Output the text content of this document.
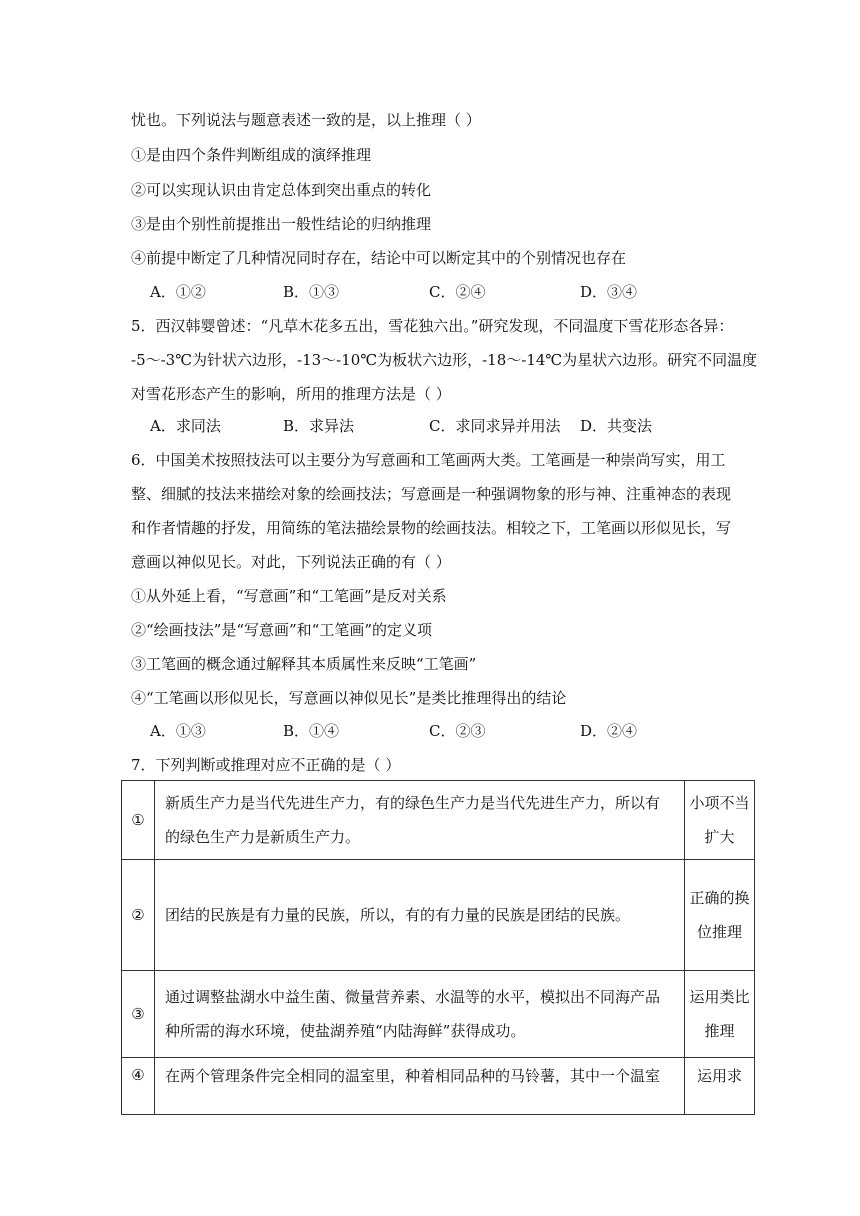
忧也。下列说法与题意表述一致的是，以上推理（ ）
①是由四个条件判断组成的演绎推理
②可以实现认识由肯定总体到突出重点的转化
③是由个别性前提推出一般性结论的归纳推理
④前提中断定了几种情况同时存在，结论中可以断定其中的个别情况也存在
A．①②	B．①③	C．②④	D．③④
5．西汉韩婴曾述：“凡草木花多五出，雪花独六出。”研究发现，不同温度下雪花形态各异：
-5～-3℃为针状六边形，-13～-10℃为板状六边形，-18～-14℃为星状六边形。研究不同温度
对雪花形态产生的影响，所用的推理方法是（ ）
A．求同法	B．求异法	C．求同求异并用法 D．共变法
6．中国美术按照技法可以主要分为写意画和工笔画两大类。工笔画是一种崇尚写实，用工
整、细腻的技法来描绘对象的绘画技法；写意画是一种强调物象的形与神、注重神态的表现
和作者情趣的抒发，用简练的笔法描绘景物的绘画技法。相较之下，工笔画以形似见长，写
意画以神似见长。对此，下列说法正确的有（ ）
①从外延上看，“写意画”和“工笔画”是反对关系
②“绘画技法”是“写意画”和“工笔画”的定义项
③工笔画的概念通过解释其本质属性来反映“工笔画”
④“工笔画以形似见长，写意画以神似见长”是类比推理得出的结论
A．①③	B．①④	C．②③	D．②④
7．下列判断或推理对应不正确的是（ ）
①	新质生产力是当代先进生产力，有的绿色生产力是当代先进生产力，所以有的绿色生产力是新质生产力。	小项不当扩大
②	团结的民族是有力量的民族，所以，有的有力量的民族是团结的民族。	正确的换位推理
③	通过调整盐湖水中益生菌、微量营养素、水温等的水平，模拟出不同海产品种所需的海水环境，使盐湖养殖“内陆海鲜”获得成功。	运用类比推理
④	在两个管理条件完全相同的温室里，种着相同品种的马铃薯，其中一个温室	运用求
